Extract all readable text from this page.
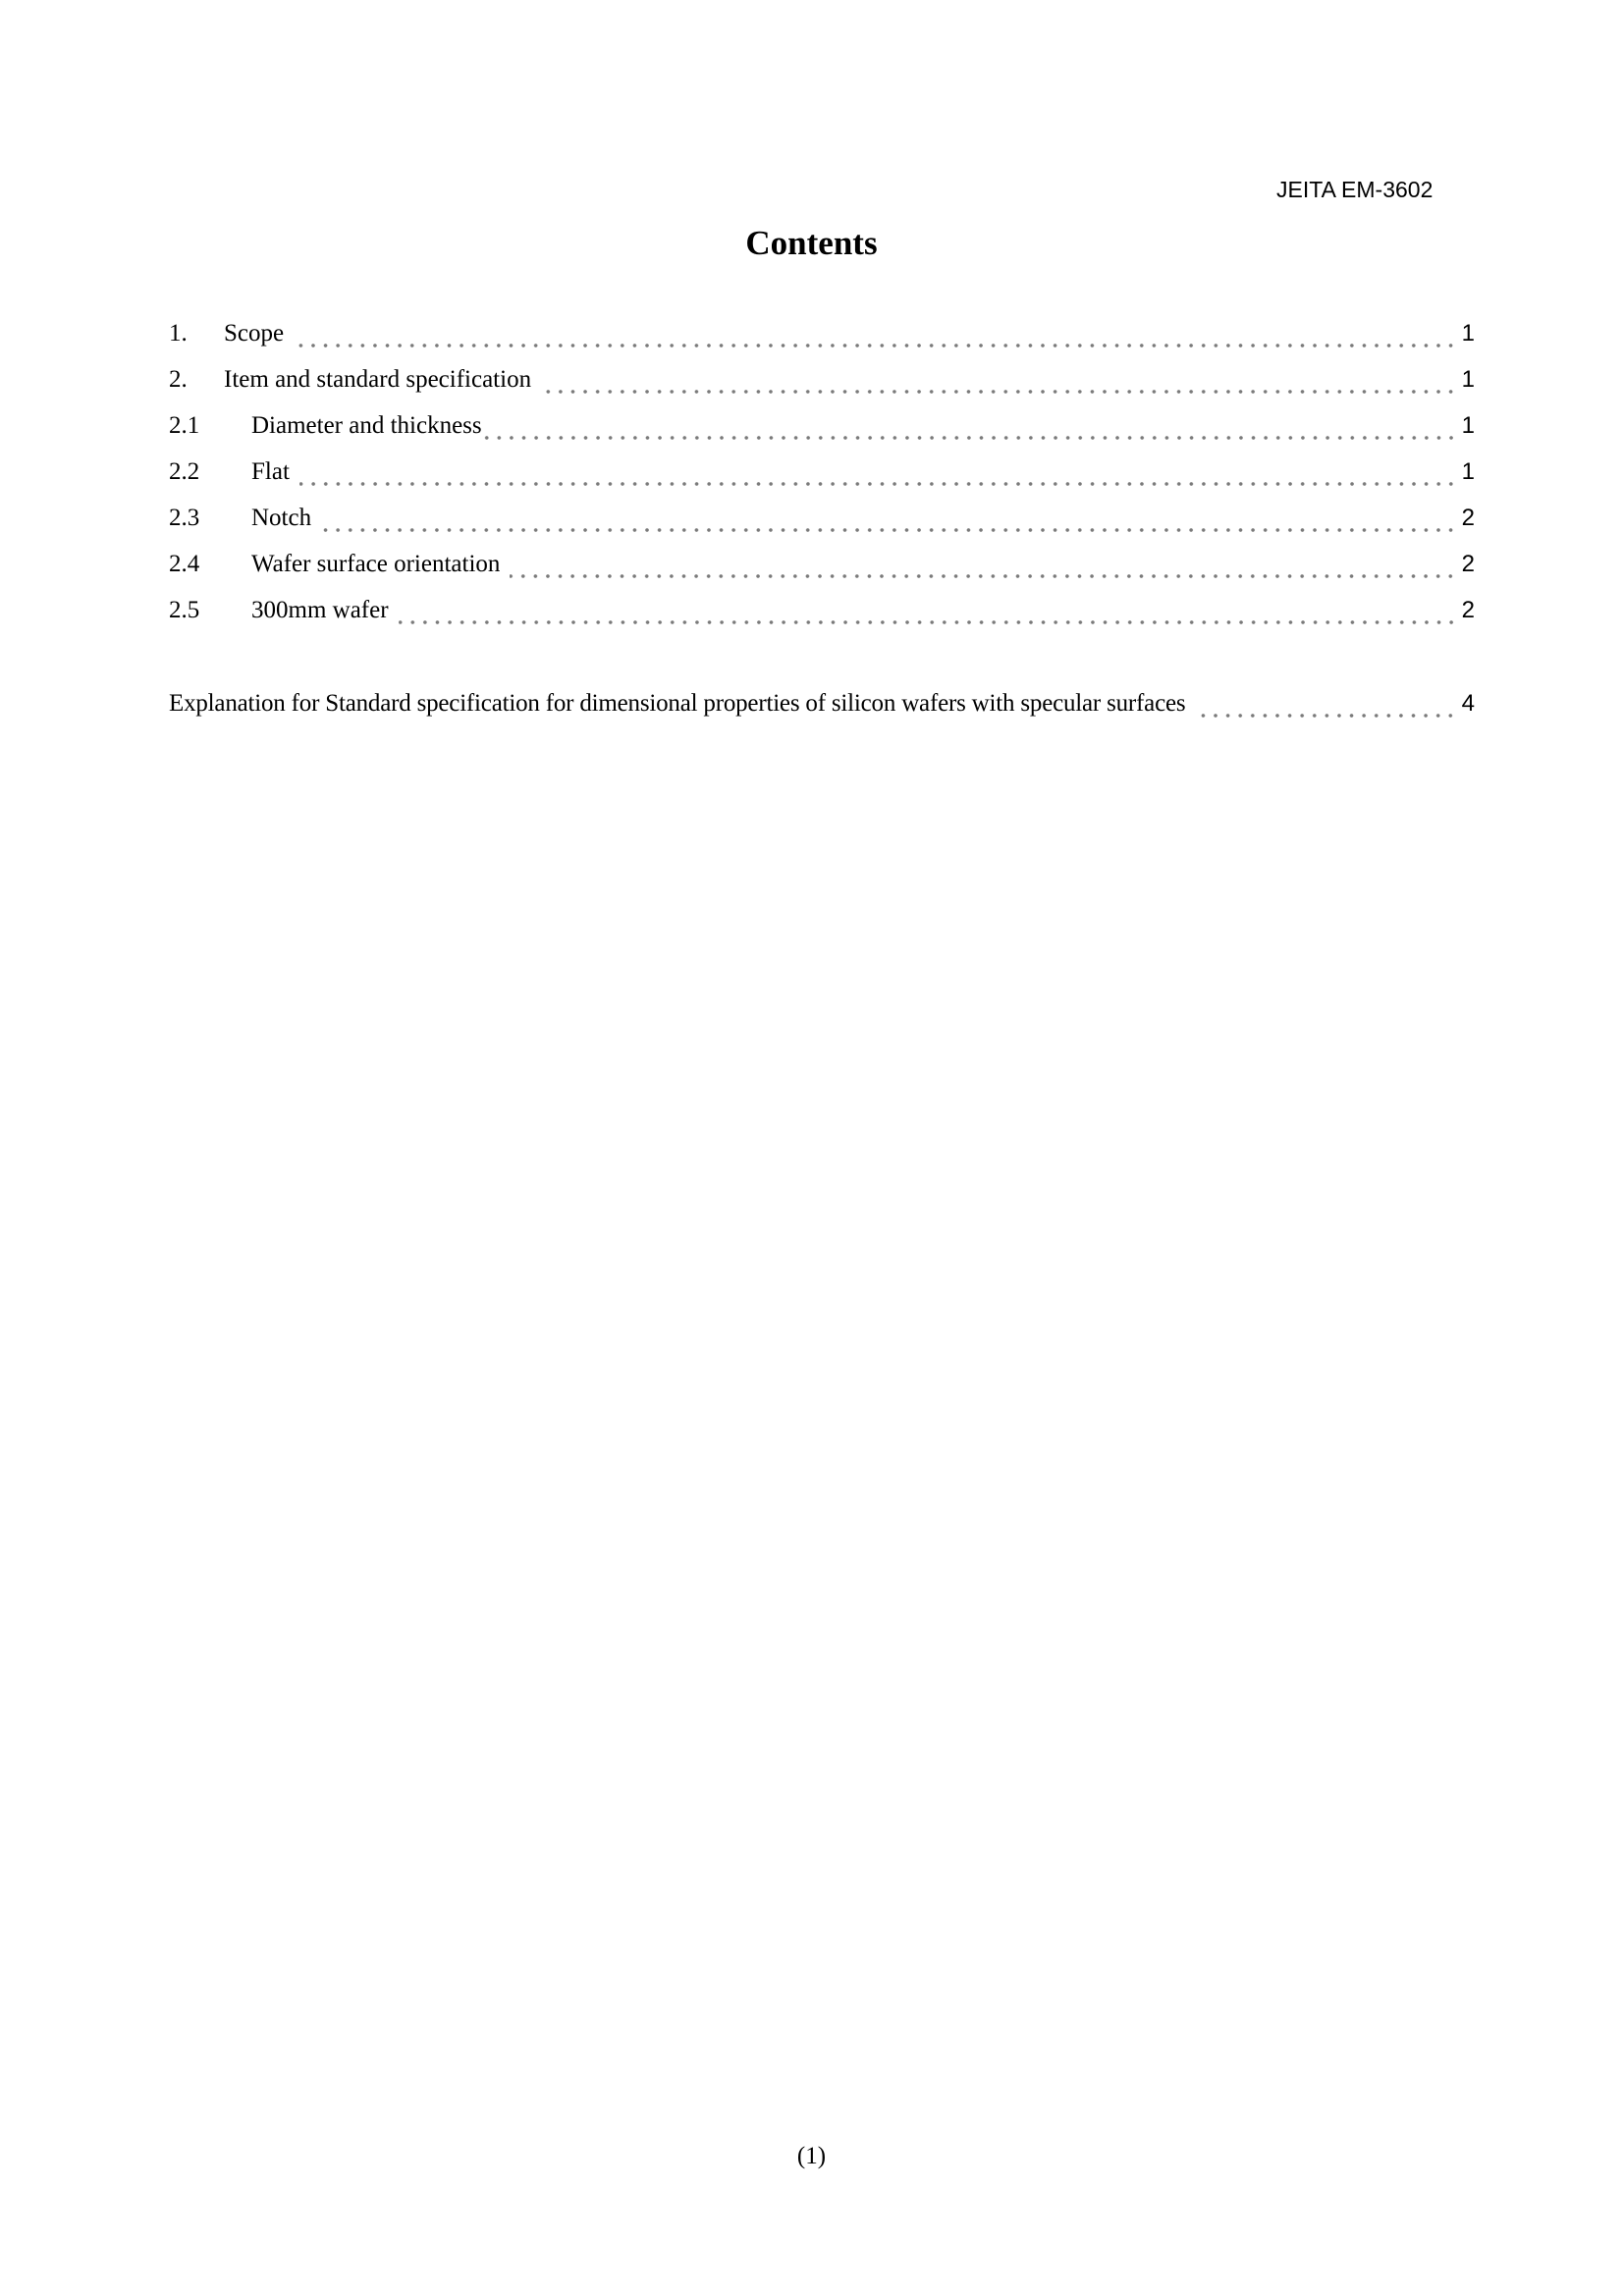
JEITA EM-3602
Contents
1.	Scope	1
2.	Item and standard specification	1
2.1	Diameter and thickness	1
2.2	Flat	1
2.3	Notch	2
2.4	Wafer surface orientation	2
2.5	300mm wafer	2
Explanation for Standard specification for dimensional properties of silicon wafers with specular surfaces	4
(1)
